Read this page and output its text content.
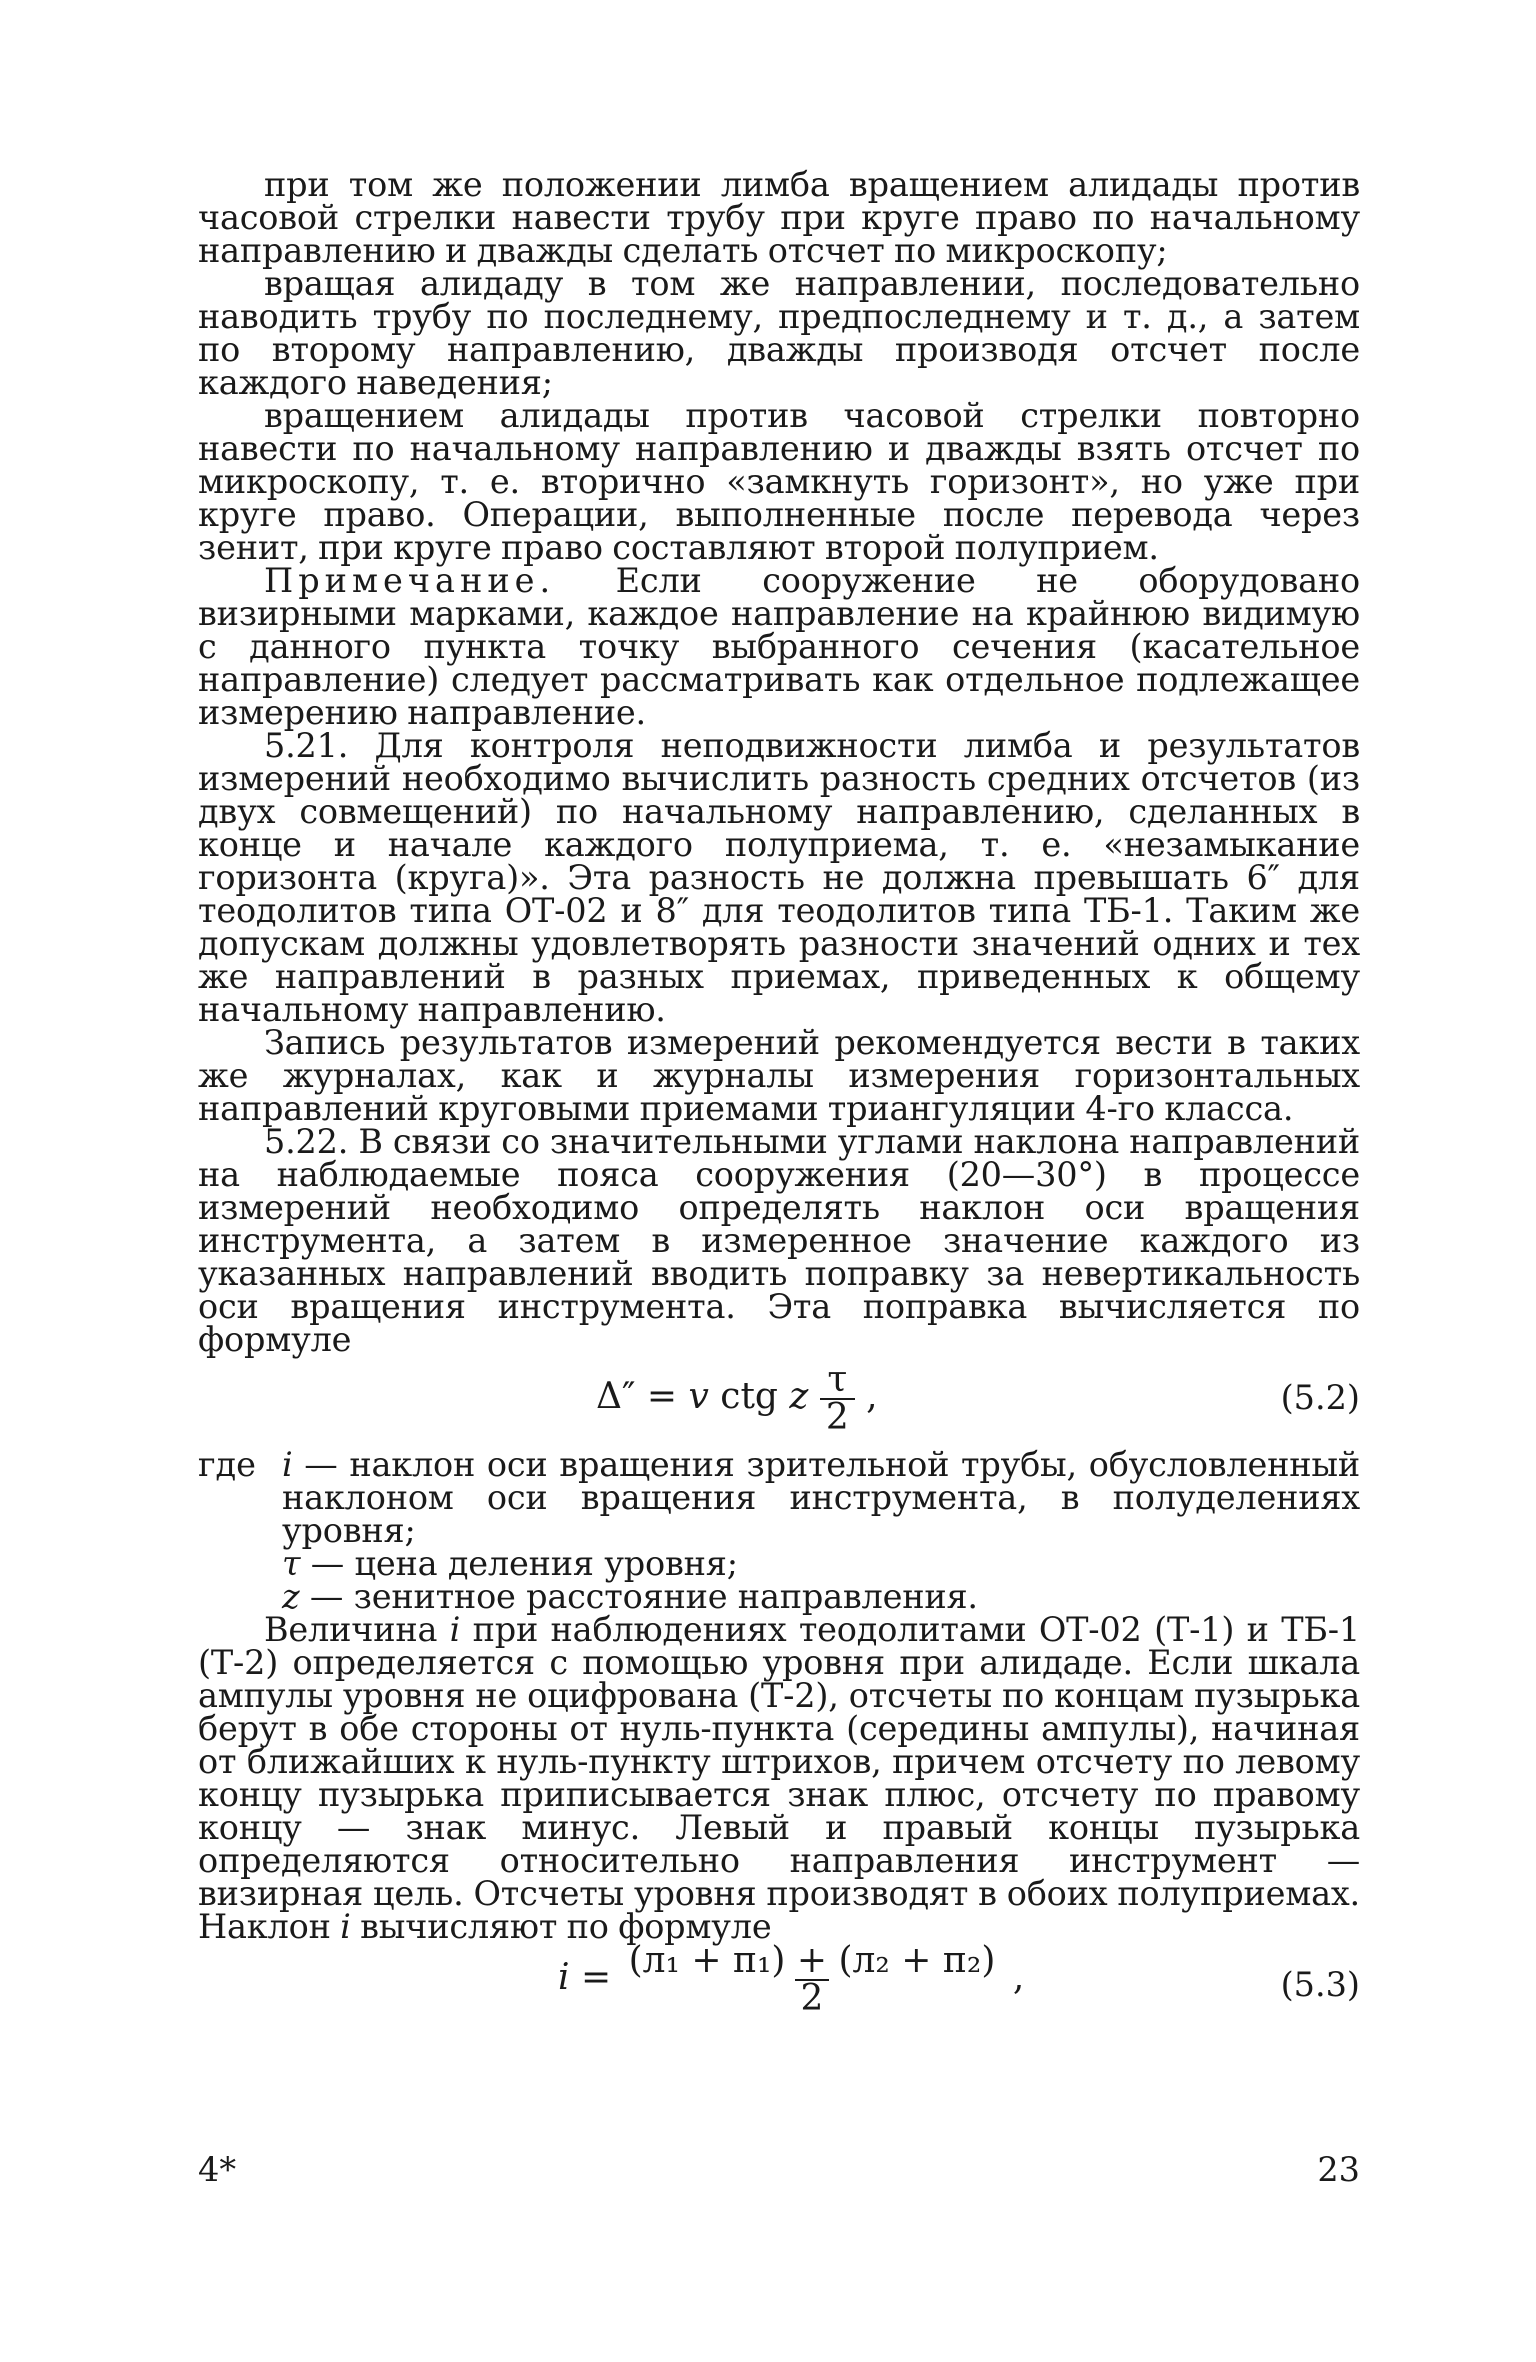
при том же положении лимба вращением алидады против часовой стрелки навести трубу при круге право по начальному направлению и дважды сделать отсчет по микроскопу;

вращая алидаду в том же направлении, последовательно наводить трубу по последнему, предпоследнему и т. д., а затем по второму направлению, дважды производя отсчет после каждого наведения;

вращением алидады против часовой стрелки повторно навести по начальному направлению и дважды взять отсчет по микроскопу, т. е. вторично «замкнуть горизонт», но уже при круге право. Операции, выполненные после перевода через зенит, при круге право составляют второй полуприем.

Примечание. Если сооружение не оборудовано визирными марками, каждое направление на крайнюю видимую с данного пункта точку выбранного сечения (касательное направление) следует рассматривать как отдельное подлежащее измерению направление.

5.21. Для контроля неподвижности лимба и результатов измерений необходимо вычислить разность средних отсчетов (из двух совмещений) по начальному направлению, сделанных в конце и начале каждого полуприема, т. е. «незамыкание горизонта (круга)». Эта разность не должна превышать 6″ для теодолитов типа ОТ-02 и 8″ для теодолитов типа ТБ-1. Таким же допускам должны удовлетворять разности значений одних и тех же направлений в разных приемах, приведенных к общему начальному направлению.

Запись результатов измерений рекомендуется вести в таких же журналах, как и журналы измерения горизонтальных направлений круговыми приемами триангуляции 4-го класса.

5.22. В связи со значительными углами наклона направлений на наблюдаемые пояса сооружения (20—30°) в процессе измерений необходимо определять наклон оси вращения инструмента, а затем в измеренное значение каждого из указанных направлений вводить поправку за невертикальность оси вращения инструмента. Эта поправка вычисляется по формуле

Δ″ = v ctg z $\frac{\tau}{2}$ ,	(5.2)
где i — наклон оси вращения зрительной трубы, обусловленный наклоном оси вращения инструмента, в полуделениях уровня;
τ — цена деления уровня;
z — зенитное расстояние направления.

Величина i при наблюдениях теодолитами ОТ-02 (Т-1) и ТБ-1 (Т-2) определяется с помощью уровня при алидаде. Если шкала ампулы уровня не оцифрована (Т-2), отсчеты по концам пузырька берут в обе стороны от нуль-пункта (середины ампулы), начиная от ближайших к нуль-пункту штрихов, причем отсчету по левому концу пузырька приписывается знак плюс, отсчету по правому концу — знак минус. Левый и правый концы пузырька определяются относительно направления инструмент — визирная цель. Отсчеты уровня производят в обоих полуприемах. Наклон i вычисляют по формуле

$i = \frac{\text{(л₁ + п₁) + (л₂ + п₂)}}{2}$ ,	(5.3)
4*	23
